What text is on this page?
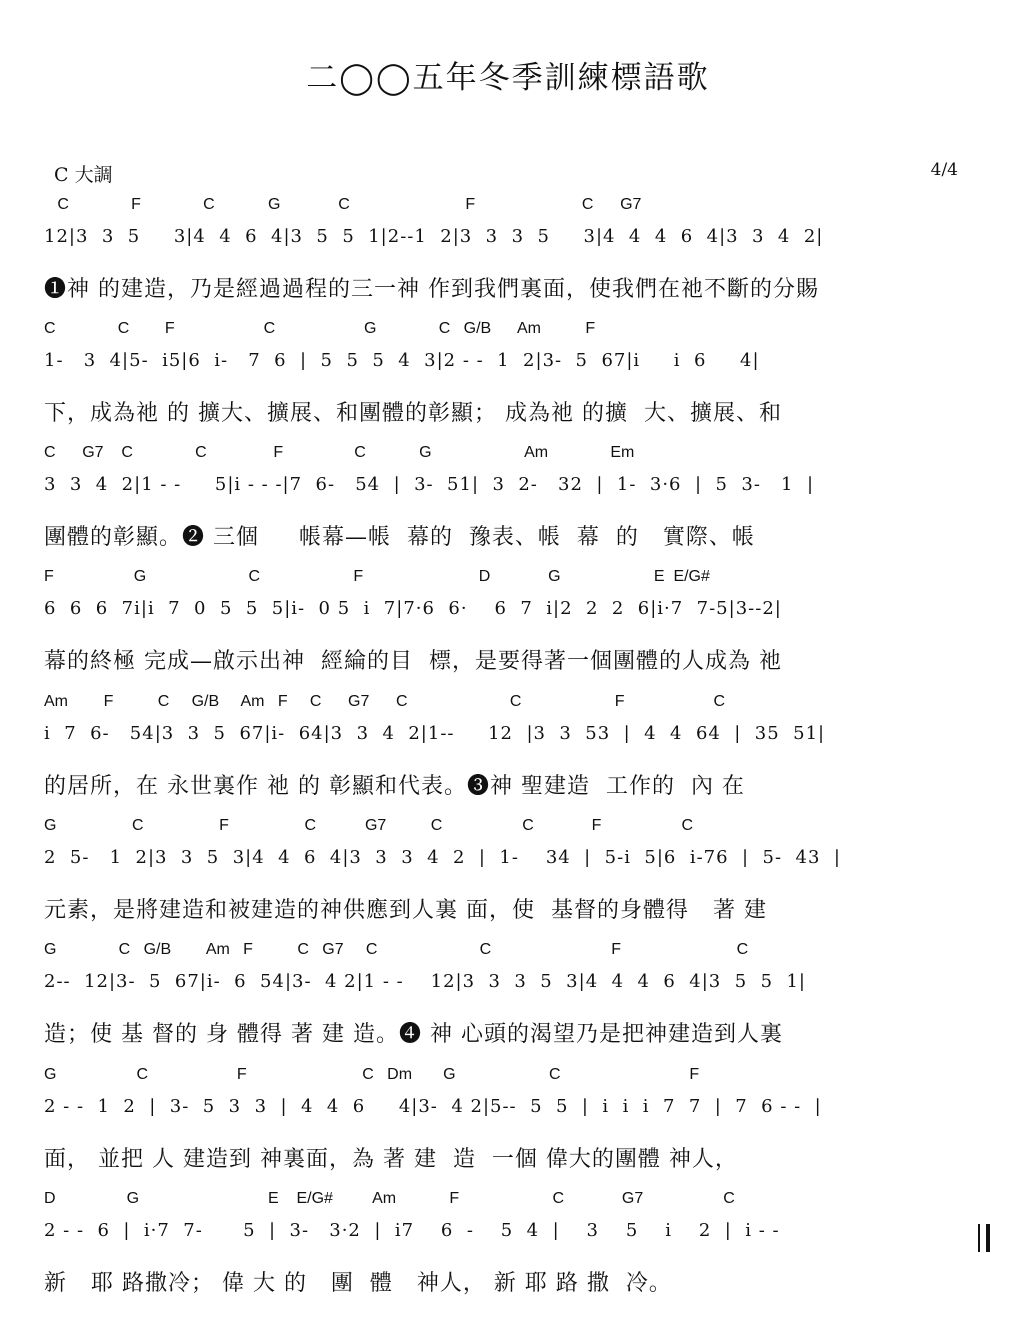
二◯◯五年冬季訓練標語歌
C 大調	4/4
C              F              C            G             C                          F                        C      G7
12|3  3  5     3|4  4  6  4|3  5  5  1|2--1  2|3  3  3  5     3|4  4  4  6  4|3  3  4  2|
❶神 的建造，乃是經過過程的三一神 作到我們裏面，使我們在祂不斷的分賜
C              C        F                    C                    G              C   G/B      Am          F
1-   3  4|5-  i5|6  i-   7  6  |  5  5  5  4  3|2 - -  1  2|3-  5  67|i     i  6     4|
下，成為祂 的 擴大、擴展、和團體的彰顯； 成為祂 的擴  大、擴展、和
C      G7    C              C               F                C            G                     Am              Em
3  3  4  2|1 - -     5|i - - -|7  6-   54  |  3-  51|  3  2-   32  |  1-  3·6  |  5  3-   1  |
團體的彰顯。❷ 三個     帳幕—帳  幕的  豫表、帳  幕  的   實際、帳
F                  G                       C                     F                          D             G                     E  E/G#
6  6  6  7i|i  7  0  5  5  5|i-  0 5  i  7|7·6  6·    6  7  i|2  2  2  6|i·7  7-5|3--2|
幕的終極 完成—啟示出神  經綸的目  標，是要得著一個團體的人成為 祂
Am        F          C     G/B     Am   F     C      G7      C                       C                     F                    C
i  7  6-   54|3  3  5  67|i-  64|3  3  4  2|1--     12  |3  3  53  |  4  4  64  |  35  51|
的居所，在 永世裏作 祂 的 彰顯和代表。❸神 聖建造  工作的  內 在
G                 C                 F                 C           G7          C                  C             F                  C
2  5-   1  2|3  3  5  3|4  4  6  4|3  3  3  4  2  |  1-    34  |  5-i  5|6  i-76  |  5-  43  |
元素，是將建造和被建造的神供應到人裏 面，使  基督的身體得   著 建
G              C   G/B        Am   F          C   G7     C                       C                           F                          C
2--  12|3-  5  67|i-  6  54|3-  4 2|1 - -    12|3  3  3  5  3|4  4  4  6  4|3  5  5  1|
造；使 基 督的 身 體得 著 建 造。❹ 神 心頭的渴望乃是把神建造到人裏
G                  C                    F                          C   Dm       G                     C                             F
2 - -  1  2  |  3-  5  3  3  |  4  4  6     4|3-  4 2|5--  5  5  |  i  i  i  7  7  |  7  6 - -  |
面， 並把 人 建造到 神裏面，為 著 建  造  一個 偉大的團體 神人，
D                G                             E    E/G#         Am            F                     C             G7                  C
2 - -  6  |  i·7  7-      5  |  3-   3·2  |  i7    6  -    5  4  |    3    5    i    2  |  i - -
新   耶 路撒冷； 偉 大 的   團  體   神人， 新 耶 路 撒  冷。
